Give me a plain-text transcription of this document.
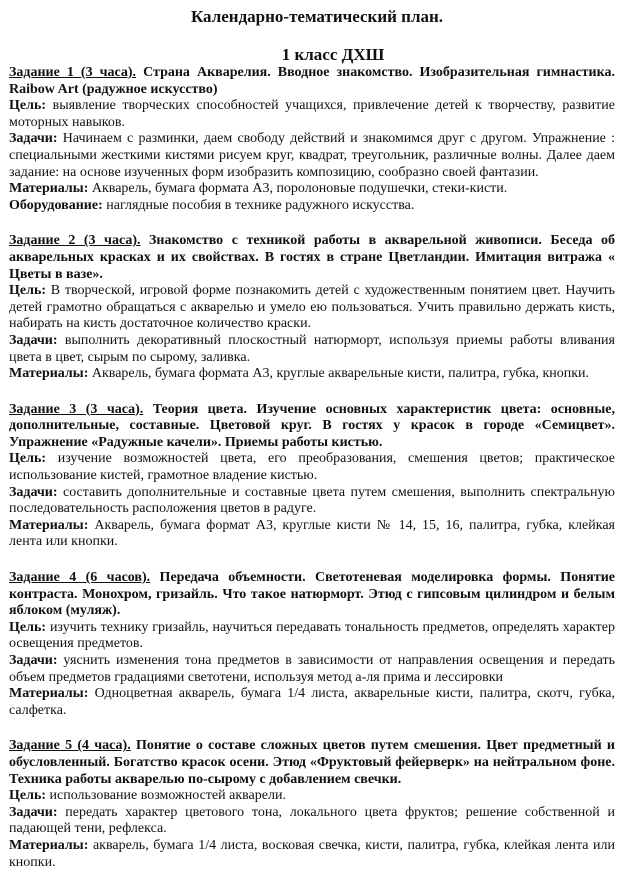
Календарно-тематический план.
1 класс ДХШ

Задание 1 (3 часа). Страна Акварелия. Вводное знакомство. Изобразительная гимнастика. Raibow Art (радужное искусство)

Цель: выявление творческих способностей учащихся, привлечение детей к творчеству, развитие моторных навыков.

Задачи: Начинаем с разминки, даем свободу действий и знакомимся друг с другом. Упражнение : специальными жесткими кистями рисуем круг, квадрат, треугольник, различные волны. Далее даем задание: на основе изученных форм изобразить композицию, сообразно своей фантазии.

Материалы: Акварель, бумага формата А3, поролоновые подушечки, стеки-кисти.

Оборудование: наглядные пособия в технике радужного искусства.

Задание 2 (3 часа). Знакомство с техникой работы в акварельной живописи. Беседа об акварельных красках и их свойствах. В гостях в стране Цветландии. Имитация витража « Цветы в вазе».

Цель: В творческой, игровой форме познакомить детей с художественным понятием цвет. Научить детей грамотно обращаться с акварелью и умело ею пользоваться. Учить правильно держать кисть, набирать на кисть достаточное количество краски.

Задачи: выполнить декоративный плоскостный натюрморт, используя приемы работы вливания цвета в цвет, сырым по сырому, заливка.

Материалы: Акварель, бумага формата А3, круглые акварельные кисти, палитра, губка, кнопки.

Задание 3 (3 часа). Теория цвета. Изучение основных характеристик цвета: основные, дополнительные, составные. Цветовой круг. В гостях у красок в городе «Семицвет». Упражнение «Радужные качели». Приемы работы кистью.

Цель: изучение возможностей цвета, его преобразования, смешения цветов; практическое использование кистей, грамотное владение кистью.

Задачи: составить дополнительные и составные цвета путем смешения, выполнить спектральную последовательность расположения цветов в радуге.

Материалы: Акварель, бумага формат А3, круглые кисти № 14, 15, 16, палитра, губка, клейкая лента или кнопки.

Задание 4 (6 часов). Передача объемности. Светотеневая моделировка формы. Понятие контраста. Монохром, гризайль. Что такое натюрморт. Этюд с гипсовым цилиндром и белым яблоком (муляж).

Цель: изучить технику гризайль, научиться передавать тональность предметов, определять характер освещения предметов.

Задачи: уяснить изменения тона предметов в зависимости от направления освещения и передать объем предметов градациями светотени, используя метод а-ля прима и лессировки

Материалы: Одноцветная акварель, бумага 1/4 листа, акварельные кисти, палитра, скотч, губка, салфетка.

Задание 5 (4 часа). Понятие о составе сложных цветов путем смешения. Цвет предметный и обусловленный. Богатство красок осени. Этюд «Фруктовый фейерверк» на нейтральном фоне. Техника работы акварелью по-сырому с добавлением свечки.

Цель: использование возможностей акварели.

Задачи: передать характер цветового тона, локального цвета фруктов; решение собственной и падающей тени, рефлекса.

Материалы: акварель, бумага 1/4 листа, восковая свечка, кисти, палитра, губка, клейкая лента или кнопки.
